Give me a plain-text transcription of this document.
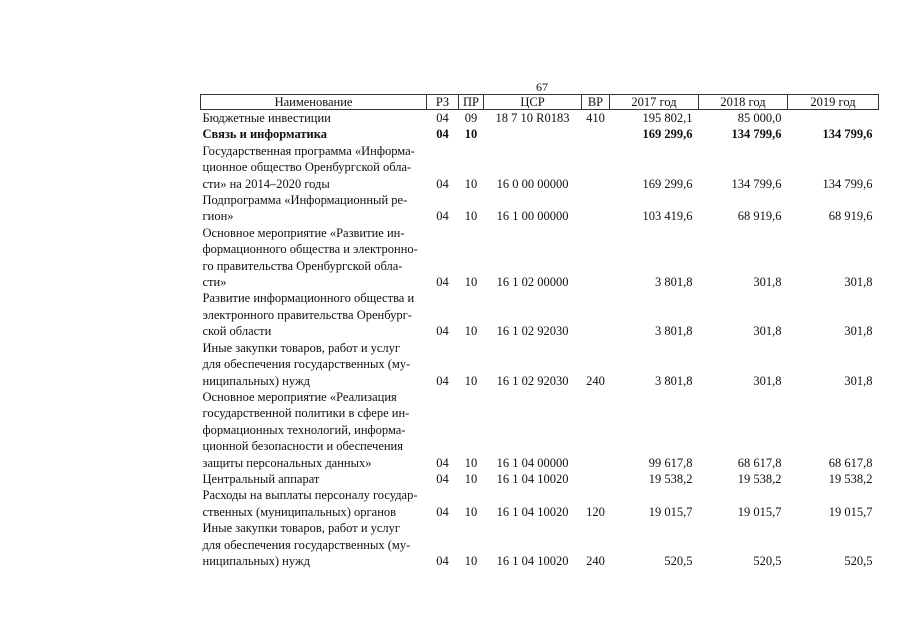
67
Наименование	РЗ	ПР	ЦСР	ВР	2017 год	2018 год	2019 год

Бюджетные инвестиции	04	09	18 7 10 R0183	410	195 802,1	85 000,0	

Связь и информатика	04	10			169 299,6	134 799,6	134 799,6

Государственная программа «Информа-
ционное общество Оренбургской обла-
сти» на 2014–2020 годы	04	10	16 0 00 00000		169 299,6	134 799,6	134 799,6

Подпрограмма «Информационный ре-
гион»	04	10	16 1 00 00000		103 419,6	68 919,6	68 919,6

Основное мероприятие «Развитие ин-
формационного общества и электронно-
го правительства Оренбургской обла-
сти»	04	10	16 1 02 00000		3 801,8	301,8	301,8

Развитие информационного общества и
электронного правительства Оренбург-
ской области	04	10	16 1 02 92030		3 801,8	301,8	301,8

Иные закупки товаров, работ и услуг
для обеспечения государственных (му-
ниципальных) нужд	04	10	16 1 02 92030	240	3 801,8	301,8	301,8

Основное мероприятие «Реализация
государственной политики в сфере ин-
формационных технологий, информа-
ционной безопасности и обеспечения
защиты персональных данных»	04	10	16 1 04 00000		99 617,8	68 617,8	68 617,8

Центральный аппарат	04	10	16 1 04 10020		19 538,2	19 538,2	19 538,2

Расходы на выплаты персоналу государ-
ственных (муниципальных) органов	04	10	16 1 04 10020	120	19 015,7	19 015,7	19 015,7

Иные закупки товаров, работ и услуг
для обеспечения государственных (му-
ниципальных) нужд	04	10	16 1 04 10020	240	520,5	520,5	520,5
